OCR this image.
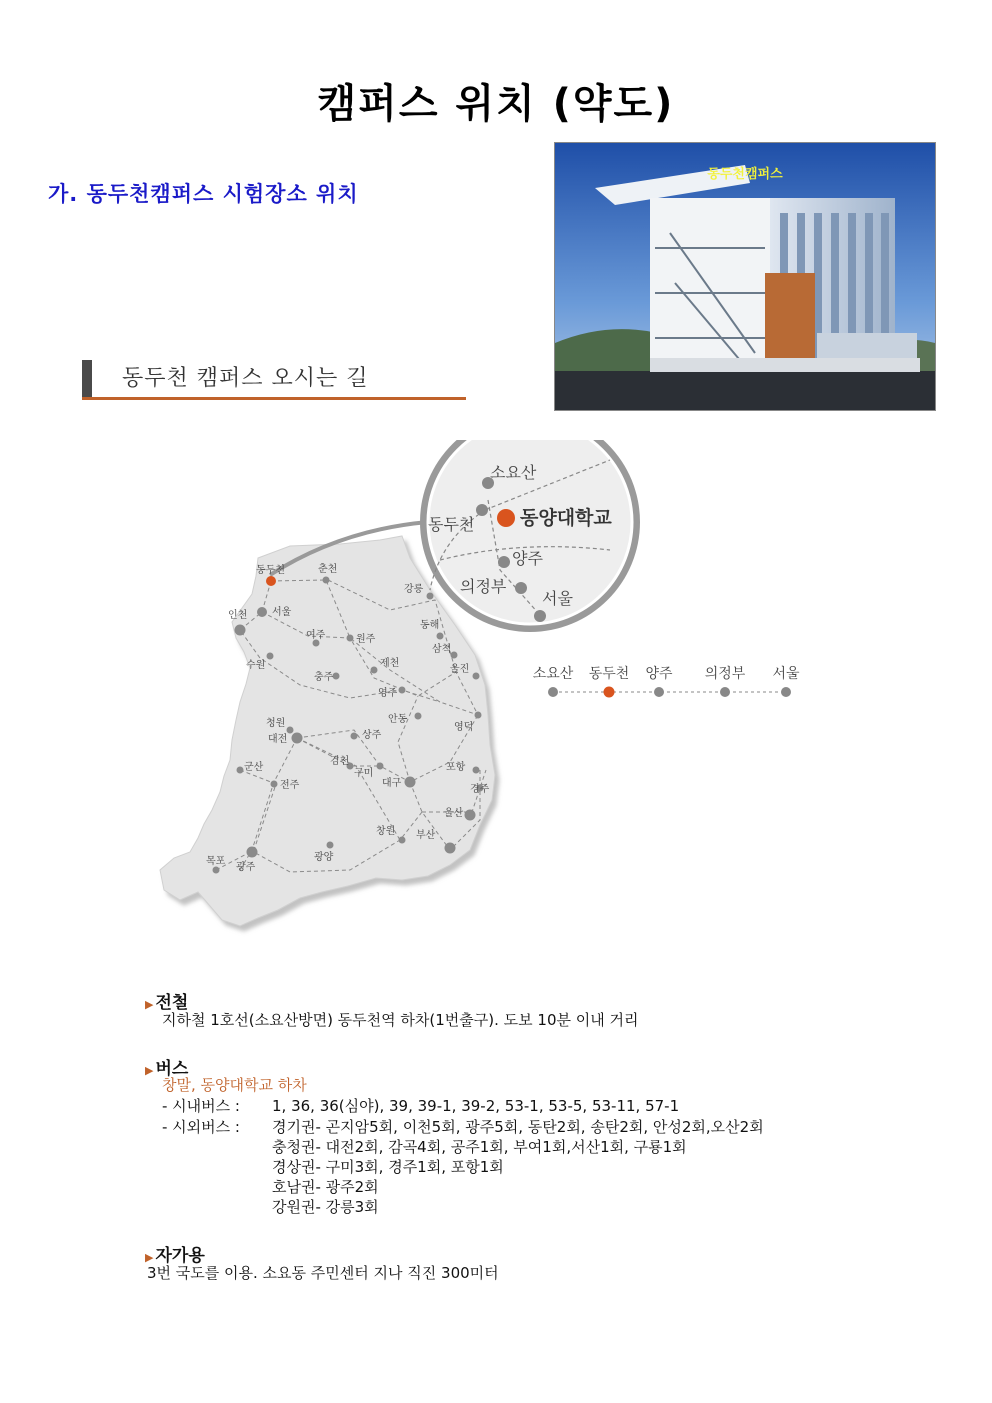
캠퍼스 위치 (약도)
가. 동두천캠퍼스 시험장소 위치
동두천캠퍼스
동두천 캠퍼스 오시는 길
소요산
동두천 동양대학교
양주
의정부
서울
동두천	춘천
강릉
인천 서울
여주	원주
동해
삼척
수원	제천
충주
울진
영주
안동
영덕
청원
대전	상주
군산
김천
구미
포항
전주	대구
경주
울산
창원 부산
목포
광주
광양
소요산 동두천 양주 의정부 서울
▶ 전철
지하철 1호선(소요산방면) 동두천역 하차(1번출구). 도보 10분 이내 거리
▶ 버스
창말, 동양대학교 하차
- 시내버스 : 1, 36, 36(심야), 39, 39-1, 39-2, 53-1, 53-5, 53-11, 57-1
- 시외버스 : 경기권- 곤지암5회, 이천5회, 광주5회, 동탄2회, 송탄2회, 안성2회,오산2회
충청권- 대전2회, 감곡4회, 공주1회, 부여1회,서산1회, 구룡1회
경상권- 구미3회, 경주1회, 포항1회
호남권- 광주2회
강원권- 강릉3회
▶ 자가용
3번 국도를 이용. 소요동 주민센터 지나 직진 300미터
